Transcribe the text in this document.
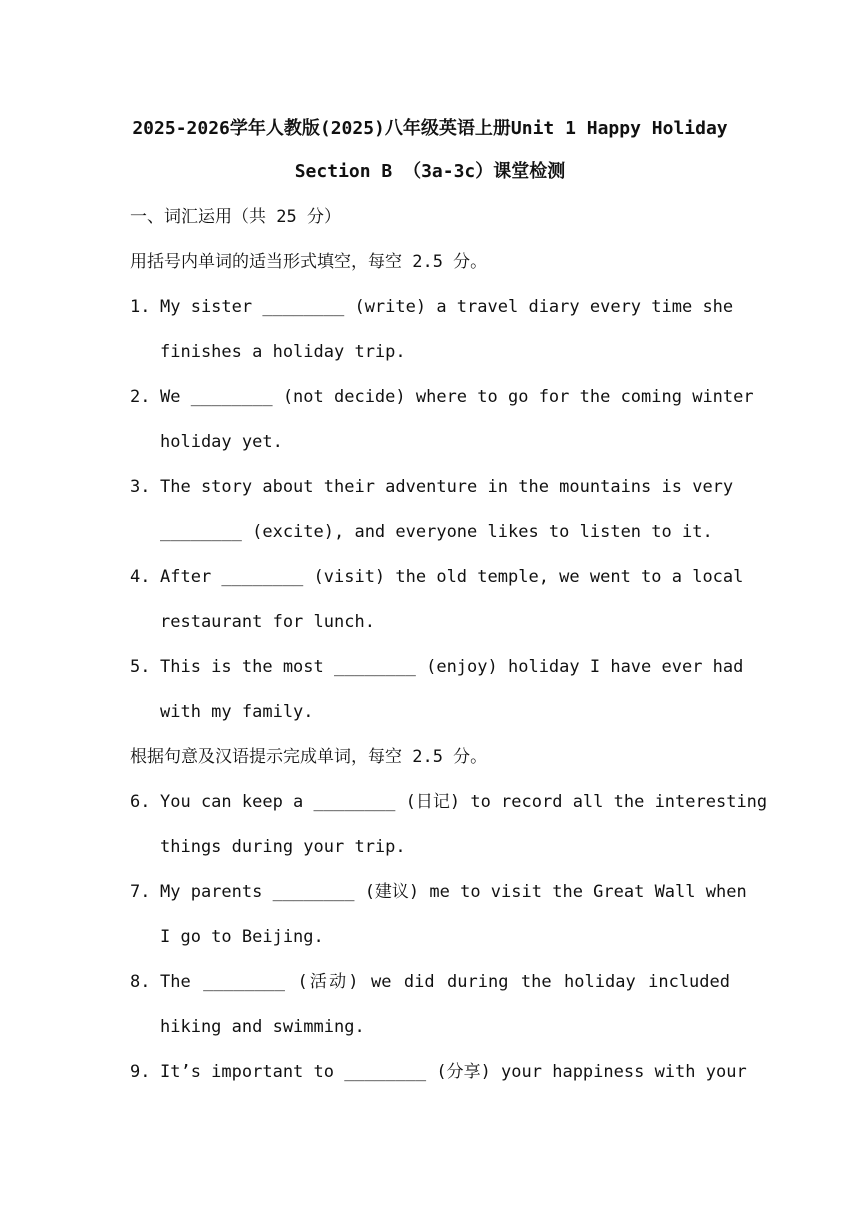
2025-2026学年人教版(2025)八年级英语上册Unit 1 Happy Holiday
Section B （3a-3c）课堂检测
一、词汇运用（共 25 分）
用括号内单词的适当形式填空，每空 2.5 分。
1. My sister ________ (write) a travel diary every time she
finishes a holiday trip.
2. We ________ (not decide) where to go for the coming winter
holiday yet.
3. The story about their adventure in the mountains is very
________ (excite), and everyone likes to listen to it.
4. After ________ (visit) the old temple, we went to a local
restaurant for lunch.
5. This is the most ________ (enjoy) holiday I have ever had
with my family.
根据句意及汉语提示完成单词，每空 2.5 分。
6. You can keep a ________ (日记) to record all the interesting
things during your trip.
7. My parents ________ (建议) me to visit the Great Wall when
I go to Beijing.
8. The ________ (活动) we did during the holiday included
hiking and swimming.
9. It’s important to ________ (分享) your happiness with your
